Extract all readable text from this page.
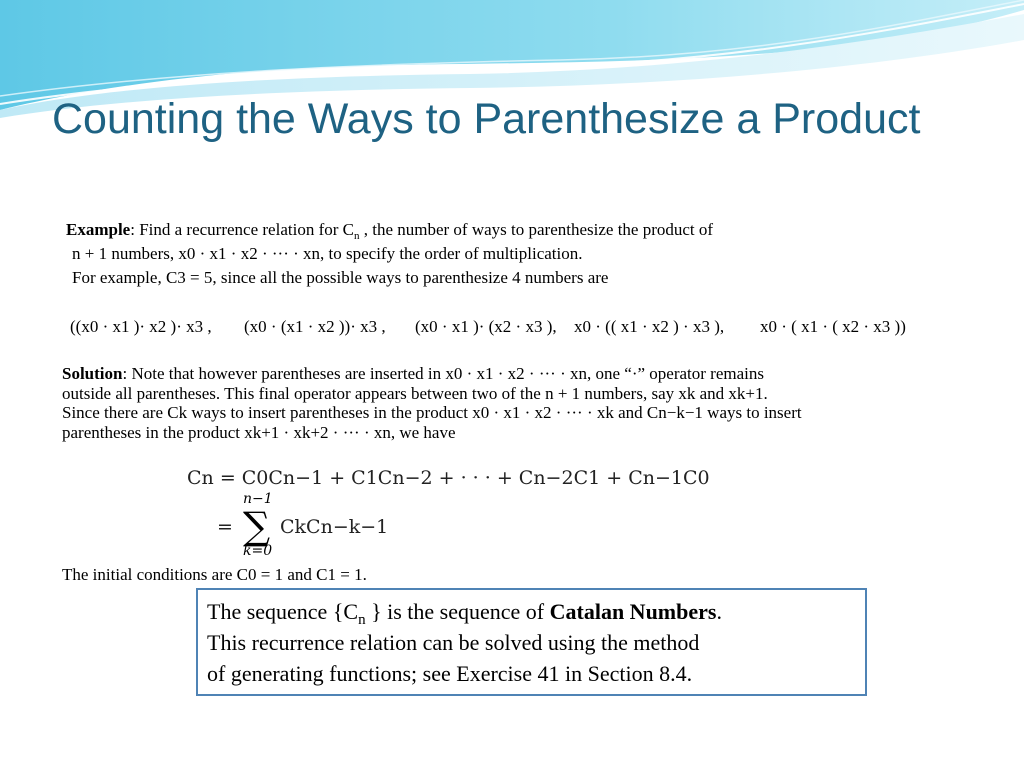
Counting the Ways to Parenthesize a Product
Example: Find a recurrence relation for $C_n$ , the number of ways to parenthesize the product of
n + 1 numbers, x0 · x1 · x2 · ··· · xn, to specify the order of multiplication.
For example, C3 = 5, since all the possible ways to parenthesize 4 numbers are
((x0 · x1 )· x2 )· x3 , (x0 · (x1 · x2 ))· x3 , (x0 · x1 )· (x2 · x3 ), x0 · (( x1 · x2 ) · x3 ), x0 · ( x1 · ( x2 · x3 ))
Solution: Note that however parentheses are inserted in x0 · x1 · x2 · ··· · xn, one “·” operator remains
outside all parentheses. This final operator appears between two of the n + 1 numbers, say xk and xk+1.
Since there are Ck ways to insert parentheses in the product x0 · x1 · x2 · ··· · xk and Cn−k−1 ways to insert
parentheses in the product xk+1 · xk+2 · ··· · xn, we have
Cn = C0Cn−1 + C1Cn−2 + · · · + Cn−2C1 + Cn−1C0
=
n−1
∑
k=0
CkCn−k−1
The initial conditions are C0 = 1 and C1 = 1.
The sequence {$C_n$ } is the sequence of Catalan Numbers.
This recurrence relation can be solved using the method
of generating functions; see Exercise 41 in Section 8.4.
